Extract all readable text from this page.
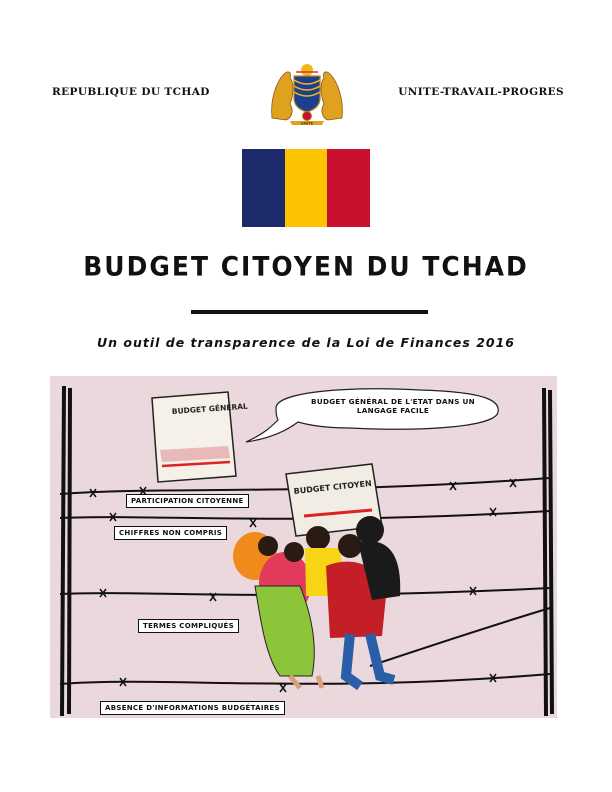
REPUBLIQUE DU TCHAD	UNITE-TRAVAIL-PROGRES
UNITE
BUDGET CITOYEN DU TCHAD
Un outil de transparence de la Loi de Finances 2016
BUDGET GÉNÉRAL
BUDGET CITOYEN
BUDGET GÉNÉRAL DE L'ETAT DANS UN LANGAGE FACILE
PARTICIPATION CITOYENNE
CHIFFRES NON COMPRIS
TERMES COMPLIQUÉS
ABSENCE D'INFORMATIONS BUDGÉTAIRES
